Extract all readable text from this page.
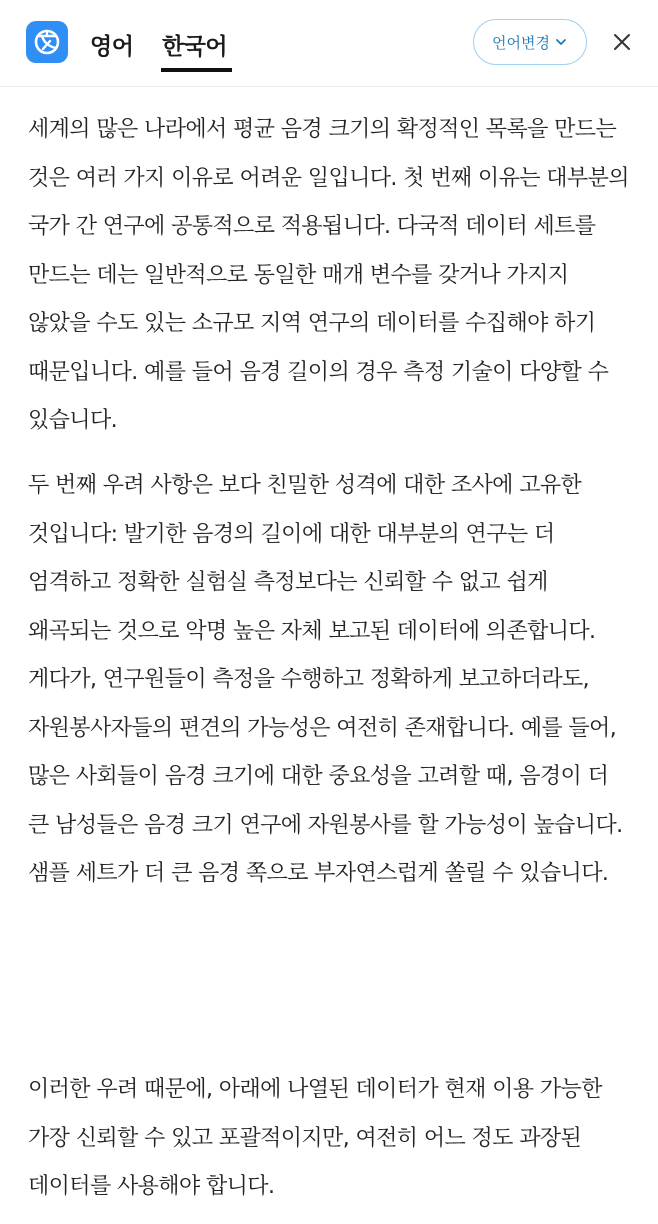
영어 한국어	언어변경

세계의 많은 나라에서 평균 음경 크기의 확정적인 목록을 만드는 것은 여러 가지 이유로 어려운 일입니다. 첫 번째 이유는 대부분의 국가 간 연구에 공통적으로 적용됩니다. 다국적 데이터 세트를 만드는 데는 일반적으로 동일한 매개 변수를 갖거나 가지지 않았을 수도 있는 소규모 지역 연구의 데이터를 수집해야 하기 때문입니다. 예를 들어 음경 길이의 경우 측정 기술이 다양할 수 있습니다.

두 번째 우려 사항은 보다 친밀한 성격에 대한 조사에 고유한 것입니다: 발기한 음경의 길이에 대한 대부분의 연구는 더 엄격하고 정확한 실험실 측정보다는 신뢰할 수 없고 쉽게 왜곡되는 것으로 악명 높은 자체 보고된 데이터에 의존합니다. 게다가, 연구원들이 측정을 수행하고 정확하게 보고하더라도, 자원봉사자들의 편견의 가능성은 여전히 존재합니다. 예를 들어, 많은 사회들이 음경 크기에 대한 중요성을 고려할 때, 음경이 더 큰 남성들은 음경 크기 연구에 자원봉사를 할 가능성이 높습니다. 샘플 세트가 더 큰 음경 쪽으로 부자연스럽게 쏠릴 수 있습니다.

이러한 우려 때문에, 아래에 나열된 데이터가 현재 이용 가능한 가장 신뢰할 수 있고 포괄적이지만, 여전히 어느 정도 과장된 데이터를 사용해야 합니다.
